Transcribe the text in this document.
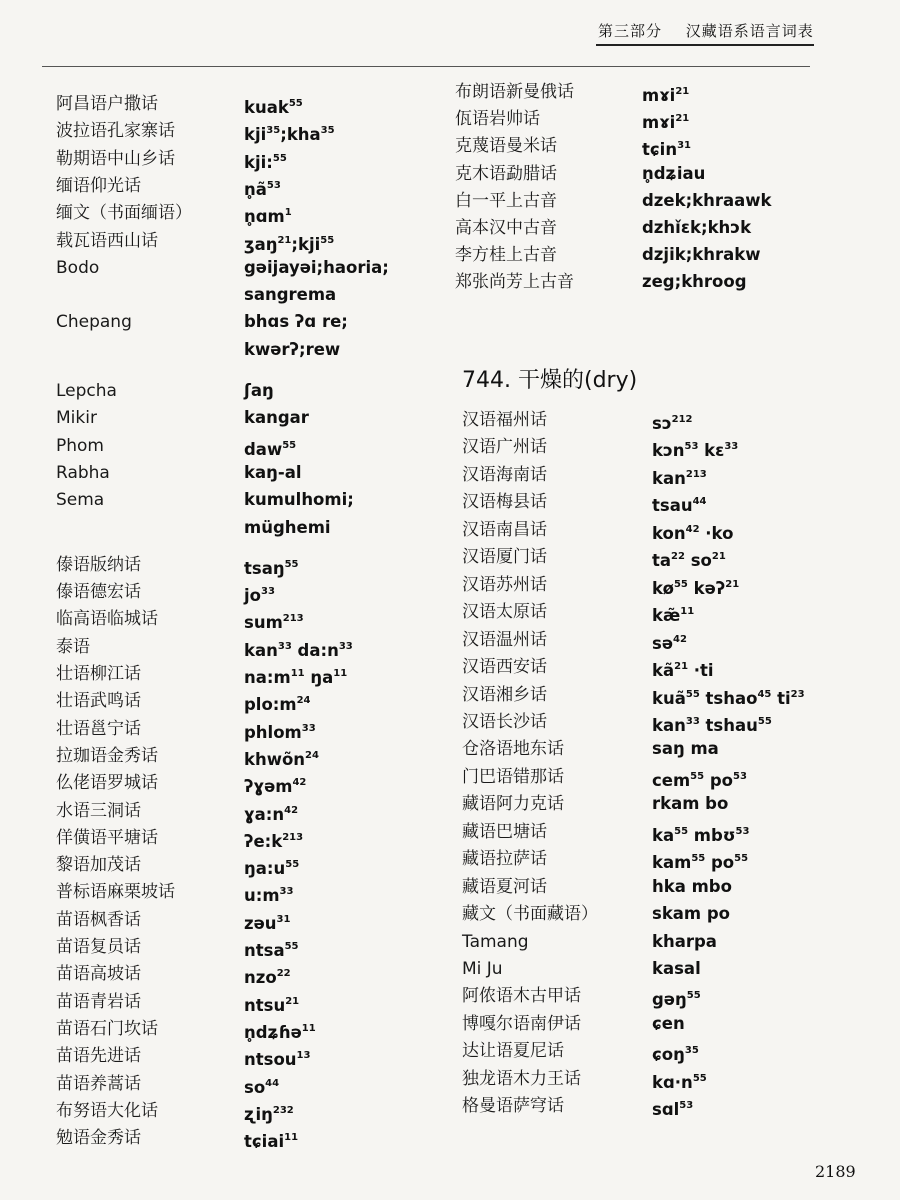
第三部分 汉藏语系语言词表
阿昌语户撒话	kuak$^{55}$
波拉语孔家寨话	kji$^{35}$;kha$^{35}$
勒期语中山乡话	kji:$^{55}$
缅语仰光话	$n̥ã^{53}$
缅文（书面缅语）	n̥ɑm$^1$
载瓦语西山话	ʒaŋ$^{21}$;kji$^{55}$
Bodo	gəijayəi;haoria;
sangrema
Chepang	bhɑs ʔɑ re;
kwərʔ;rew
Lepcha	ʃaŋ
Mikir	kangar
Phom	daw$^{55}$
Rabha	kaŋ-al
Sema	kumulhomi;
müghemi
傣语版纳话	tsaŋ$^{55}$
傣语德宏话	$jo^{33}$
临高语临城话	sum$^{213}$
泰语	kan$^{33}$ $da:n^{33}$
壮语柳江话	$na:m^{11}$ $ŋa^{11}$
壮语武鸣话	$plo:m^{24}$
壮语邕宁话	phlom$^{33}$
拉珈语金秀话	khwõn$^{24}$
仫佬语罗城话	ʔɣəm$^{42}$
水语三洞话	$ɣa:n^{42}$
佯僙语平塘话	$ʔe:k^{213}$
黎语加茂话	$ŋa:u^{55}$
普标语麻栗坡话	$u:m^{33}$
苗语枫香话	zəu$^{31}$
苗语复员话	ntsa$^{55}$
苗语高坡话	nzo$^{22}$
苗语青岩话	ntsu$^{21}$
苗语石门坎话	n̥dʑɦə$^{11}$
苗语先进话	ntsou$^{13}$
苗语养蒿话	$so^{44}$
布努语大化话	ʐiŋ$^{232}$
勉语金秀话	tɕiai$^{11}$
布朗语新曼俄话	mɤi$^{21}$
佤语岩帅话	mɤi$^{21}$
克蔑语曼米话	tɕin$^{31}$
克木语勐腊话	n̥dʑiau
白一平上古音	dzek;khraawk
高本汉中古音	dzhǐɛk;khɔk
李方桂上古音	dzjik;khrakw
郑张尚芳上古音	zeg;khroog
744. 干燥的(dry)
汉语福州话	sɔ$^{212}$
汉语广州话	kɔn$^{53}$ kɛ$^{33}$
汉语海南话	kan$^{213}$
汉语梅县话	tsau$^{44}$
汉语南昌话	kon$^{42}$ ·ko
汉语厦门话	$ta^{22}$ $so^{21}$
汉语苏州话	$kø^{55}$ kəʔ$^{21}$
汉语太原话	kæ̃$^{11}$
汉语温州话	sə$^{42}$
汉语西安话	$kã^{21} \cdot ti$
汉语湘乡话	kuã$^{55}$ tshao$^{45}$ $ti^{23}$
汉语长沙话	kan$^{33}$ tshau$^{55}$
仓洛语地东话	saŋ ma
门巴语错那话	cem$^{55}$ $po^{53}$
藏语阿力克话	rkam bo
藏语巴塘话	$ka^{55}$ mbʊ$^{53}$
藏语拉萨话	kam$^{55}$ $po^{55}$
藏语夏河话	hka mbo
藏文（书面藏语）	skam po
Tamang	kharpa
Mi Ju	kasal
阿侬语木古甲话	gəŋ$^{55}$
博嘎尔语南伊话	ɕen
达让语夏尼话	ɕoŋ$^{35}$
独龙语木力王话	$kɑ\cdot n^{55}$
格曼语萨穹话	sɑl$^{53}$
2189
